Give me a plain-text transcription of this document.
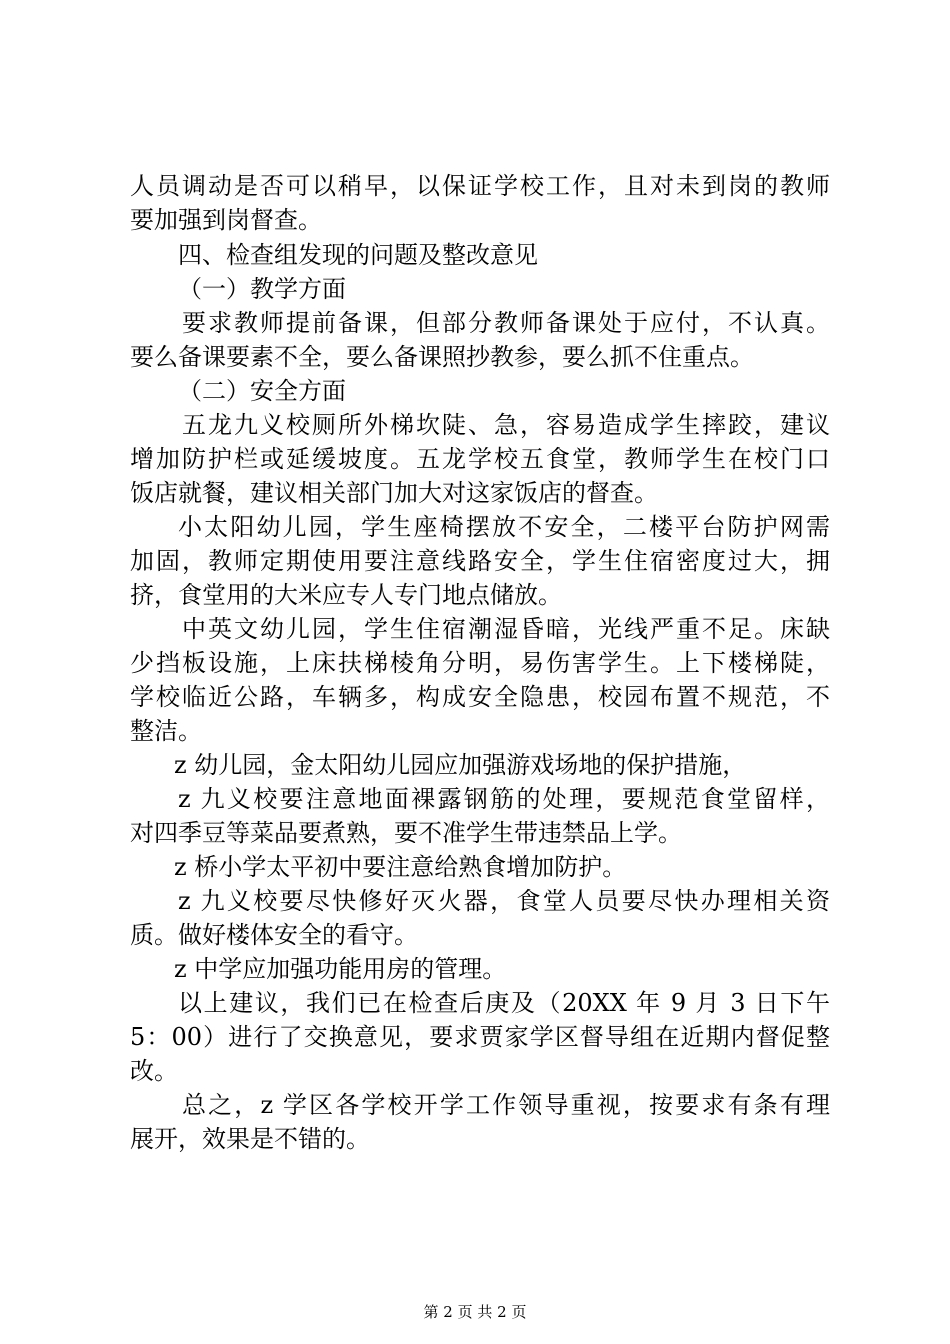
人员调动是否可以稍早，以保证学校工作，且对未到岗的教师
要加强到岗督查。
四、检查组发现的问题及整改意见
（一）教学方面
要求教师提前备课，但部分教师备课处于应付，不认真。
要么备课要素不全，要么备课照抄教参，要么抓不住重点。
（二）安全方面
五龙九义校厕所外梯坎陡、急，容易造成学生摔跤，建议
增加防护栏或延缓坡度。五龙学校五食堂，教师学生在校门口
饭店就餐，建议相关部门加大对这家饭店的督查。
小太阳幼儿园，学生座椅摆放不安全，二楼平台防护网需
加固，教师定期使用要注意线路安全，学生住宿密度过大，拥
挤，食堂用的大米应专人专门地点储放。
中英文幼儿园，学生住宿潮湿昏暗，光线严重不足。床缺
少挡板设施，上床扶梯棱角分明，易伤害学生。上下楼梯陡，
学校临近公路，车辆多，构成安全隐患，校园布置不规范，不
整洁。
z 幼儿园，金太阳幼儿园应加强游戏场地的保护措施，
z 九义校要注意地面裸露钢筋的处理，要规范食堂留样，
对四季豆等菜品要煮熟，要不准学生带违禁品上学。
z 桥小学太平初中要注意给熟食增加防护。
z 九义校要尽快修好灭火器，食堂人员要尽快办理相关资
质。做好楼体安全的看守。
z 中学应加强功能用房的管理。
以上建议，我们已在检查后庚及（20XX 年 9 月 3 日下午
5：00）进行了交换意见，要求贾家学区督导组在近期内督促整
改。
总之，z 学区各学校开学工作领导重视，按要求有条有理
展开，效果是不错的。
第 2 页 共 2 页
